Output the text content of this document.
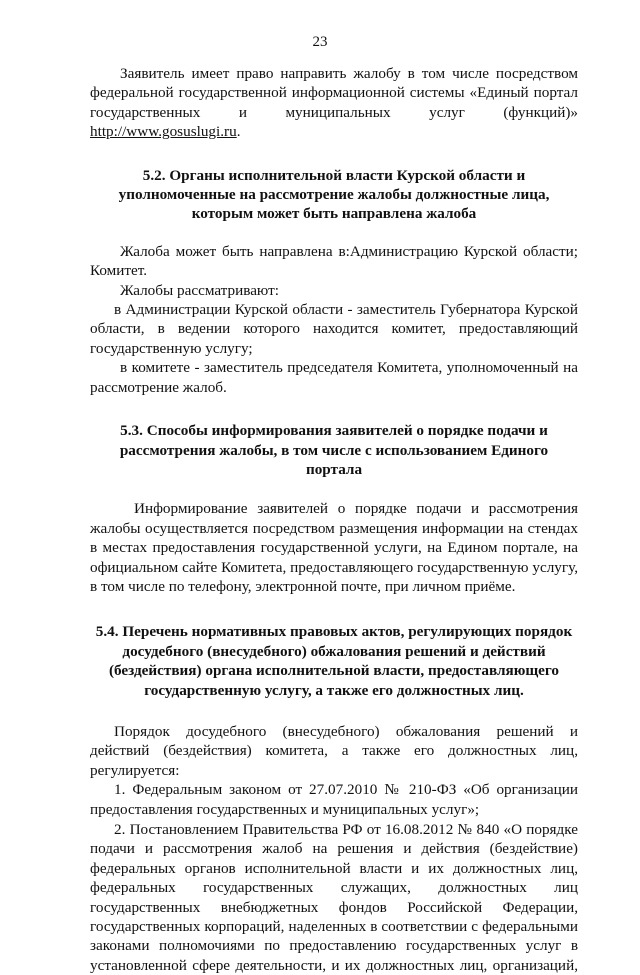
23

Заявитель имеет право направить жалобу в том числе посредством федеральной государственной информационной системы «Единый портал государственных и муниципальных услуг (функций)» http://www.gosuslugi.ru.

5.2. Органы исполнительной власти Курской области и уполномоченные на рассмотрение жалобы должностные лица, которым может быть направлена жалоба

Жалоба может быть направлена в:Администрацию Курской области; Комитет.

Жалобы рассматривают:

в Администрации Курской области - заместитель Губернатора Курской области, в ведении которого находится комитет, предоставляющий государственную услугу;

в комитете - заместитель председателя Комитета, уполномоченный на рассмотрение жалоб.

5.3. Способы информирования заявителей о порядке подачи и рассмотрения жалобы, в том числе с использованием Единого портала

Информирование заявителей о порядке подачи и рассмотрения жалобы осуществляется посредством размещения информации на стендах в местах предоставления государственной услуги, на Едином портале, на официальном сайте Комитета, предоставляющего государственную услугу, в том числе по телефону, электронной почте, при личном приёме.

5.4. Перечень нормативных правовых актов, регулирующих порядок досудебного (внесудебного) обжалования решений и действий (бездействия) органа исполнительной власти, предоставляющего государственную услугу, а также его должностных лиц.

Порядок досудебного (внесудебного) обжалования решений и действий (бездействия) комитета, а также его должностных лиц, регулируется:

1. Федеральным законом от 27.07.2010 № 210-ФЗ «Об организации предоставления государственных и муниципальных услуг»;

2. Постановлением Правительства РФ от 16.08.2012 № 840 «О порядке подачи и рассмотрения жалоб на решения и действия (бездействие) федеральных органов исполнительной власти и их должностных лиц, федеральных государственных служащих, должностных лиц государственных внебюджетных фондов Российской Федерации, государственных корпораций, наделенных в соответствии с федеральными законами полномочиями по предоставлению государственных услуг в установленной сфере деятельности, и их должностных лиц, организаций,
